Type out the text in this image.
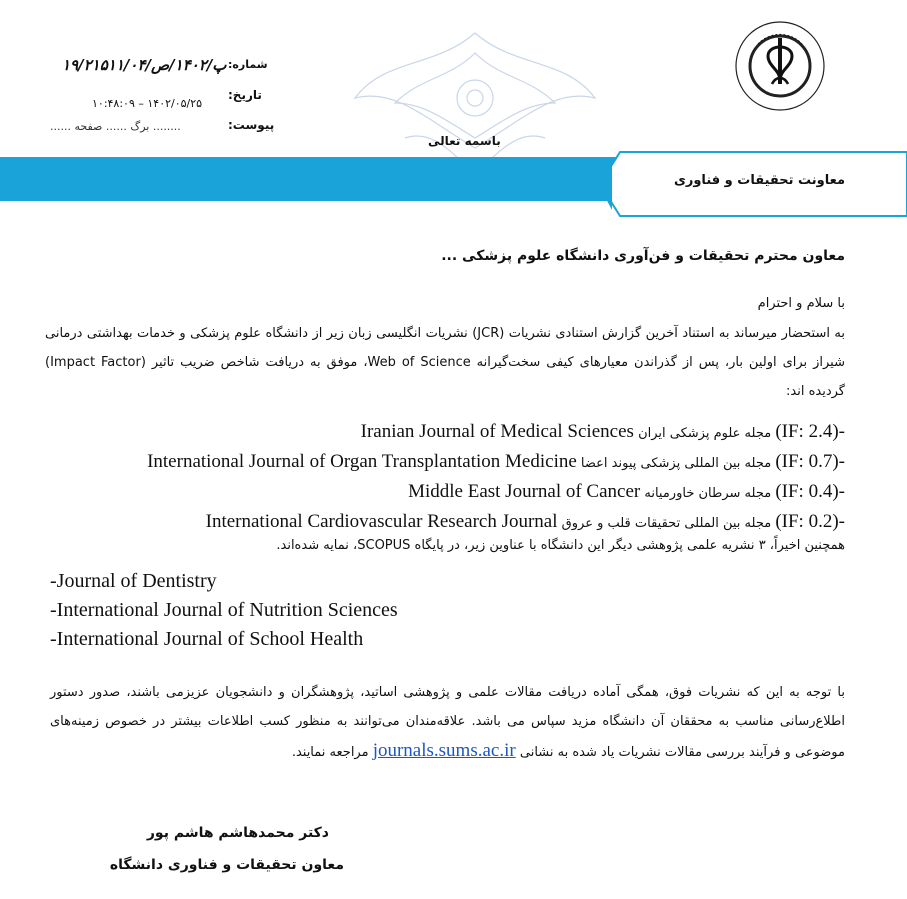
۱۹/۲۱۵۱۱/۰۴/پ/۱۴۰۲/ص شماره:
تاریخ:
۱۴۰۲/۰۵/۲۵ – ۱۰:۴۸:۰۹
پیوست:
........ برگ ...... صفحه ......
باسمه تعالی
معاونت تحقیقات و فناوری
معاون محترم تحقیقات و فن‌آوری دانشگاه علوم پزشکی ...
با سلام و احترام
به استحضار میرساند به استناد آخرین گزارش استنادی نشریات (JCR) نشریات انگلیسی زبان زیر از دانشگاه علوم پزشکی و خدمات بهداشتی درمانی شیراز برای اولین بار، پس از گذراندن معیارهای کیفی سخت‌گیرانه Web of Science، موفق به دریافت شاخص ضریب تاثیر (Impact Factor) گردیده اند:
-(IF: 2.4) مجله علوم پزشکی ایران Iranian Journal of Medical Sciences
-(IF: 0.7) مجله بین المللی پزشکی پیوند اعضا International Journal of Organ Transplantation Medicine
-(IF: 0.4) مجله سرطان خاورمیانه Middle East Journal of Cancer
-(IF: 0.2) مجله بین المللی تحقیقات قلب و عروق International Cardiovascular Research Journal
همچنین اخیراً، ۳ نشریه علمی پژوهشی دیگر این دانشگاه با عناوین زیر، در پایگاه SCOPUS، نمایه شده‌اند.
-Journal of Dentistry
-International Journal of Nutrition Sciences
-International Journal of School Health
با توجه به این که نشریات فوق، همگی آماده دریافت مقالات علمی و پژوهشی اساتید، پژوهشگران و دانشجویان عزیزمی باشند، صدور دستور اطلاع‌رسانی مناسب به محققان آن دانشگاه مزید سپاس می باشد. علاقه‌مندان می‌توانند به منظور کسب اطلاعات بیشتر در خصوص زمینه‌های موضوعی و فرآیند بررسی مقالات نشریات یاد شده به نشانی journals.sums.ac.ir مراجعه نمایند.
دکتر محمدهاشم هاشم پور
معاون تحقیقات و فناوری دانشگاه
